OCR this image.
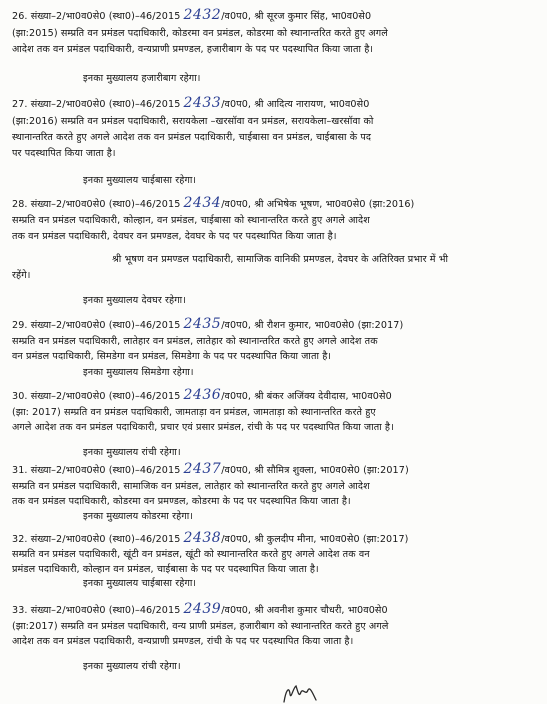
26. संख्या–2/भा0व0से0 (स्था0)–46/2015 2432/व0प0, श्री सूरज कुमार सिंह, भा0व0से0
(झा:2015) सम्प्रति वन प्रमंडल पदाधिकारी, कोडरमा वन प्रमंडल, कोडरमा को स्थानान्तरित करते हुए अगले
आदेश तक वन प्रमंडल पदाधिकारी, वन्यप्राणी प्रमण्डल, हजारीबाग के पद पर पदस्थापित किया जाता है।
इनका मुख्यालय हजारीबाग रहेगा।
27. संख्या–2/भा0व0से0 (स्था0)–46/2015 2433/व0प0, श्री आदित्य नारायण, भा0व0से0
(झा:2016) सम्प्रति वन प्रमंडल पदाधिकारी, सरायकेला –खरसॉवा वन प्रमंडल, सरायकेला–खरसॉवा को
स्थानान्तरित करते हुए अगले आदेश तक वन प्रमंडल पदाधिकारी, चाईबासा वन प्रमंडल, चाईबासा के पद
पर पदस्थापित किया जाता है।
इनका मुख्यालय चाईबासा रहेगा।
28. संख्या–2/भा0व0से0 (स्था0)–46/2015 2434/व0प0, श्री अभिषेक भूषण, भा0व0से0 (झा:2016)
सम्प्रति वन प्रमंडल पदाधिकारी, कोल्हान, वन प्रमंडल, चाईबासा को स्थानान्तरित करते हुए अगले आदेश
तक वन प्रमंडल पदाधिकारी, देवघर वन प्रमण्डल, देवघर के पद पर पदस्थापित किया जाता है।
श्री भूषण वन प्रमण्डल पदाधिकारी, सामाजिक वानिकी प्रमण्डल, देवघर के अतिरिक्त प्रभार में भी
रहेंगे।
इनका मुख्यालय देवघर रहेगा।
29. संख्या–2/भा0व0से0 (स्था0)–46/2015 2435/व0प0, श्री रौशन कुमार, भा0व0से0 (झा:2017)
सम्प्रति वन प्रमंडल पदाधिकारी, लातेहार वन प्रमंडल, लातेहार को स्थानान्तरित करते हुए अगले आदेश तक
वन प्रमंडल पदाधिकारी, सिमडेगा वन प्रमंडल, सिमडेगा के पद पर पदस्थापित किया जाता है।
इनका मुख्यालय सिमडेगा रहेगा।
30. संख्या–2/भा0व0से0 (स्था0)–46/2015 2436/व0प0, श्री बंकर अजिंक्य देवीदास, भा0व0से0
(झा: 2017) सम्प्रति वन प्रमंडल पदाधिकारी, जामताड़ा वन प्रमंडल, जामताड़ा को स्थानान्तरित करते हुए
अगले आदेश तक वन प्रमंडल पदाधिकारी, प्रचार एवं प्रसार प्रमंडल, रांची के पद पर पदस्थापित किया जाता है।
इनका मुख्यालय रांची रहेगा।
31. संख्या–2/भा0व0से0 (स्था0)–46/2015 2437/व0प0, श्री सौमित्र शुक्ला, भा0व0से0 (झा:2017)
सम्प्रति वन प्रमंडल पदाधिकारी, सामाजिक वन प्रमंडल, लातेहार को स्थानान्तरित करते हुए अगले आदेश
तक वन प्रमंडल पदाधिकारी, कोडरमा वन प्रमण्डल, कोडरमा के पद पर पदस्थापित किया जाता है।
इनका मुख्यालय कोडरमा रहेगा।
32. संख्या–2/भा0व0से0 (स्था0)–46/2015 2438/व0प0, श्री कुलदीप मीना, भा0व0से0 (झा:2017)
सम्प्रति वन प्रमंडल पदाधिकारी, खूंटी वन प्रमंडल, खूंटी को स्थानान्तरित करते हुए अगले आदेश तक वन
प्रमंडल पदाधिकारी, कोल्हान वन प्रमंडल, चाईबासा के पद पर पदस्थापित किया जाता है।
इनका मुख्यालय चाईबासा रहेगा।
33. संख्या–2/भा0व0से0 (स्था0)–46/2015 2439/व0प0, श्री अवनीश कुमार चौधरी, भा0व0से0
(झा:2017) सम्प्रति वन प्रमंडल पदाधिकारी, वन्य प्राणी प्रमंडल, हजारीबाग को स्थानान्तरित करते हुए अगले
आदेश तक वन प्रमंडल पदाधिकारी, वन्यप्राणी प्रमण्डल, रांची के पद पर पदस्थापित किया जाता है।
इनका मुख्यालय रांची रहेगा।
